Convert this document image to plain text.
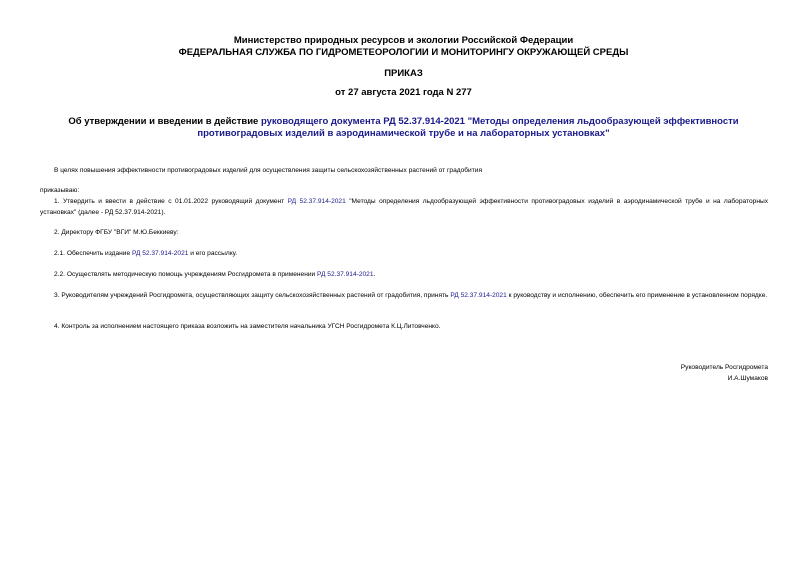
Министерство природных ресурсов и экологии Российской Федерации
ФЕДЕРАЛЬНАЯ СЛУЖБА ПО ГИДРОМЕТЕОРОЛОГИИ И МОНИТОРИНГУ ОКРУЖАЮЩЕЙ СРЕДЫ
ПРИКАЗ
от 27 августа 2021 года N 277
Об утверждении и введении в действие руководящего документа РД 52.37.914-2021 "Методы определения льдообразующей эффективности противоградовых изделий в аэродинамической трубе и на лабораторных установках"
В целях повышения эффективности противоградовых изделий для осуществления защиты сельскохозяйственных растений от градобития
приказываю:
1. Утвердить и ввести в действие с 01.01.2022 руководящий документ РД 52.37.914-2021 "Методы определения льдообразующей эффективности противоградовых изделий в аэродинамической трубе и на лабораторных установках" (далее - РД 52.37.914-2021).
2. Директору ФГБУ "ВГИ" М.Ю.Беккиеву:
2.1. Обеспечить издание РД 52.37.914-2021 и его рассылку.
2.2. Осуществлять методическую помощь учреждениям Росгидромета в применении РД 52.37.914-2021.
3. Руководителям учреждений Росгидромета, осуществляющих защиту сельскохозяйственных растений от градобития, принять РД 52.37.914-2021 к руководству и исполнению, обеспечить его применение в установленном порядке.
4. Контроль за исполнением настоящего приказа возложить на заместителя начальника УГСН Росгидромета К.Ц.Литовченко.
Руководитель Росгидромета
И.А.Шумаков
